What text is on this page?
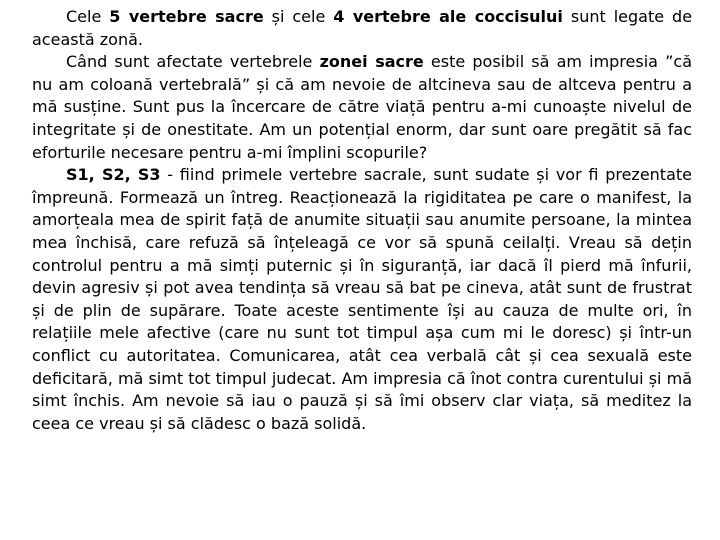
Cele 5 vertebre sacre și cele 4 vertebre ale coccisului sunt legate de această zonă.

Când sunt afectate vertebrele zonei sacre este posibil să am impresia ”că nu am coloană vertebrală” și că am nevoie de altcineva sau de altceva pentru a mă susține. Sunt pus la încercare de către viață pentru a-mi cunoaște nivelul de integritate și de onestitate. Am un potențial enorm, dar sunt oare pregătit să fac eforturile necesare pentru a-mi împlini scopurile?

S1, S2, S3 - fiind primele vertebre sacrale, sunt sudate și vor fi prezentate împreună. Formează un întreg. Reacționează la rigiditatea pe care o manifest, la amorțeala mea de spirit față de anumite situații sau anumite persoane, la mintea mea închisă, care refuză să înțeleagă ce vor să spună ceilalți. Vreau să dețin controlul pentru a mă simți puternic și în siguranță, iar dacă îl pierd mă înfurii, devin agresiv și pot avea tendința să vreau să bat pe cineva, atât sunt de frustrat și de plin de supărare. Toate aceste sentimente își au cauza de multe ori, în relațiile mele afective (care nu sunt tot timpul așa cum mi le doresc) și într-un conflict cu autoritatea. Comunicarea, atât cea verbală cât și cea sexuală este deficitară, mă simt tot timpul judecat. Am impresia că înot contra curentului și mă simt închis. Am nevoie să iau o pauză și să îmi observ clar viața, să meditez la ceea ce vreau și să clădesc o bază solidă.
